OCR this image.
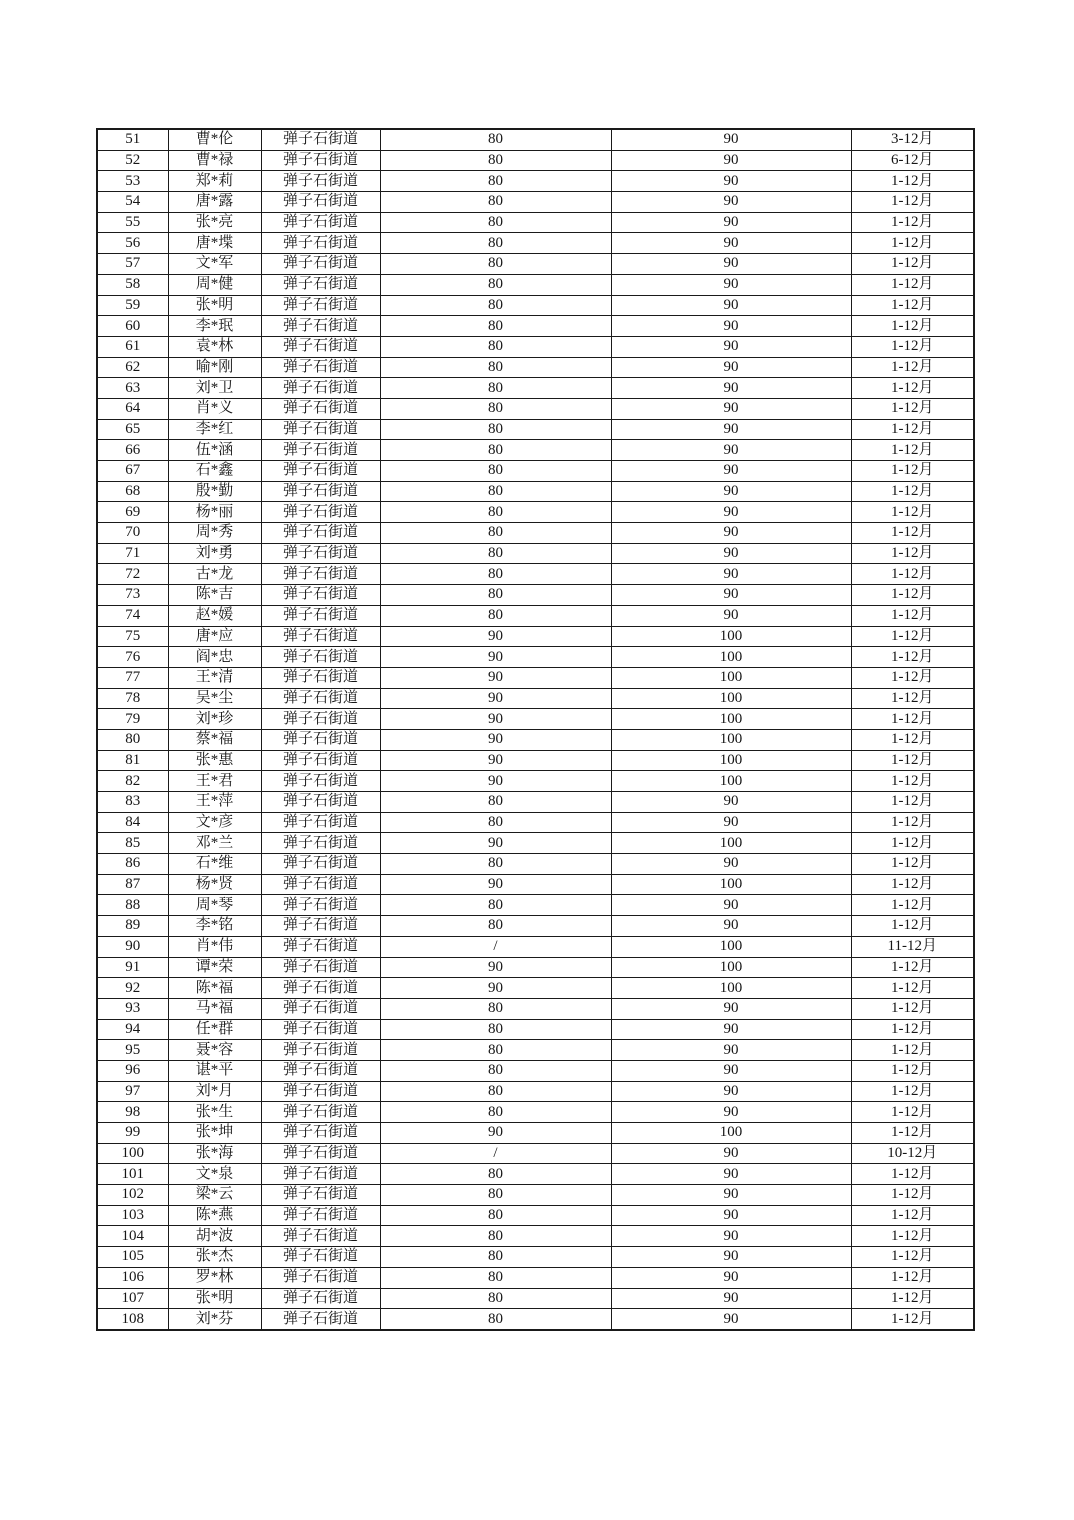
51	曹*伦	弹子石街道	80	90	3-12月
52	曹*禄	弹子石街道	80	90	6-12月
53	郑*莉	弹子石街道	80	90	1-12月
54	唐*露	弹子石街道	80	90	1-12月
55	张*亮	弹子石街道	80	90	1-12月
56	唐*堞	弹子石街道	80	90	1-12月
57	文*军	弹子石街道	80	90	1-12月
58	周*健	弹子石街道	80	90	1-12月
59	张*明	弹子石街道	80	90	1-12月
60	李*珉	弹子石街道	80	90	1-12月
61	袁*林	弹子石街道	80	90	1-12月
62	喻*刚	弹子石街道	80	90	1-12月
63	刘*卫	弹子石街道	80	90	1-12月
64	肖*义	弹子石街道	80	90	1-12月
65	李*红	弹子石街道	80	90	1-12月
66	伍*涵	弹子石街道	80	90	1-12月
67	石*鑫	弹子石街道	80	90	1-12月
68	殷*勤	弹子石街道	80	90	1-12月
69	杨*丽	弹子石街道	80	90	1-12月
70	周*秀	弹子石街道	80	90	1-12月
71	刘*勇	弹子石街道	80	90	1-12月
72	古*龙	弹子石街道	80	90	1-12月
73	陈*吉	弹子石街道	80	90	1-12月
74	赵*媛	弹子石街道	80	90	1-12月
75	唐*应	弹子石街道	90	100	1-12月
76	阎*忠	弹子石街道	90	100	1-12月
77	王*清	弹子石街道	90	100	1-12月
78	吴*尘	弹子石街道	90	100	1-12月
79	刘*珍	弹子石街道	90	100	1-12月
80	蔡*福	弹子石街道	90	100	1-12月
81	张*惠	弹子石街道	90	100	1-12月
82	王*君	弹子石街道	90	100	1-12月
83	王*萍	弹子石街道	80	90	1-12月
84	文*彦	弹子石街道	80	90	1-12月
85	邓*兰	弹子石街道	90	100	1-12月
86	石*维	弹子石街道	80	90	1-12月
87	杨*贤	弹子石街道	90	100	1-12月
88	周*琴	弹子石街道	80	90	1-12月
89	李*铭	弹子石街道	80	90	1-12月
90	肖*伟	弹子石街道	/	100	11-12月
91	谭*荣	弹子石街道	90	100	1-12月
92	陈*福	弹子石街道	90	100	1-12月
93	马*福	弹子石街道	80	90	1-12月
94	任*群	弹子石街道	80	90	1-12月
95	聂*容	弹子石街道	80	90	1-12月
96	谌*平	弹子石街道	80	90	1-12月
97	刘*月	弹子石街道	80	90	1-12月
98	张*生	弹子石街道	80	90	1-12月
99	张*坤	弹子石街道	90	100	1-12月
100	张*海	弹子石街道	/	90	10-12月
101	文*泉	弹子石街道	80	90	1-12月
102	梁*云	弹子石街道	80	90	1-12月
103	陈*燕	弹子石街道	80	90	1-12月
104	胡*波	弹子石街道	80	90	1-12月
105	张*杰	弹子石街道	80	90	1-12月
106	罗*林	弹子石街道	80	90	1-12月
107	张*明	弹子石街道	80	90	1-12月
108	刘*芬	弹子石街道	80	90	1-12月
